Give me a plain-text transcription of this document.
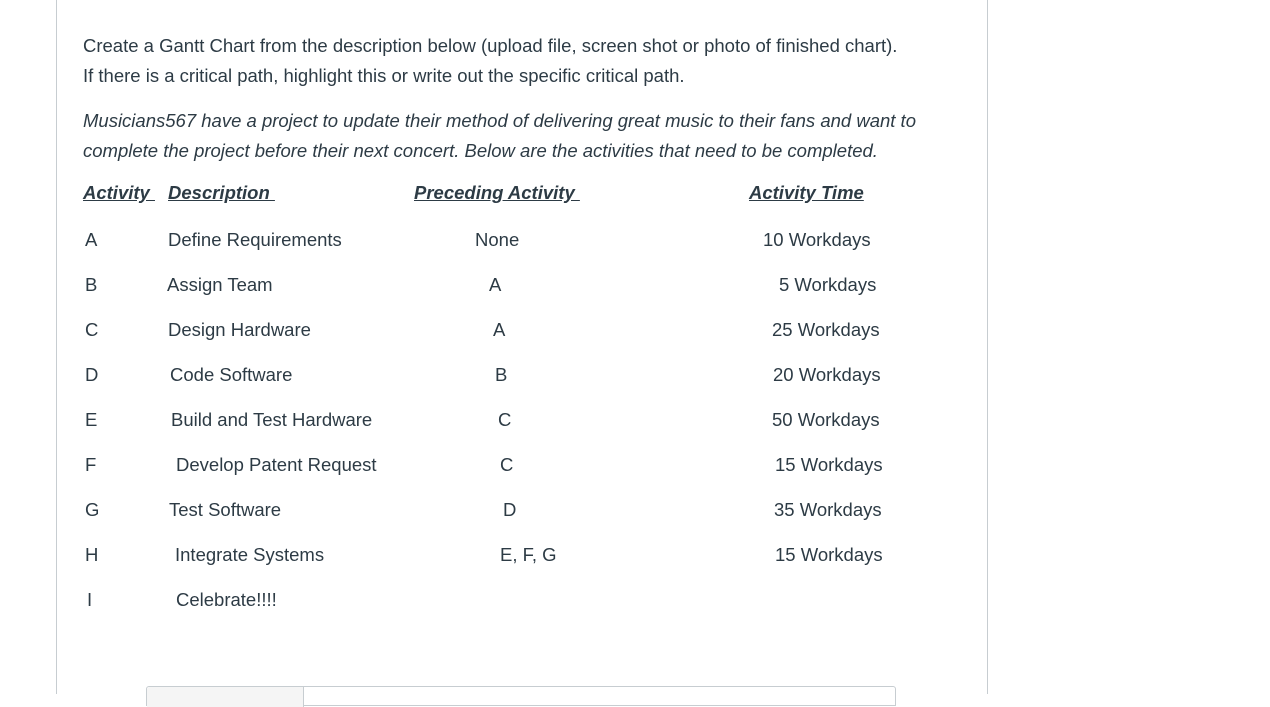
Create a Gantt Chart from the description below (upload file, screen shot or photo of finished chart).

If there is a critical path, highlight this or write out the specific critical path.

Musicians567 have a project to update their method of delivering great music to their fans and want to

complete the project before their next concert. Below are the activities that need to be completed.

Activity Description	Preceding Activity	Activity Time
A	Define Requirements	None	10 Workdays
B	Assign Team	A	5 Workdays
C	Design Hardware	A	25 Workdays
D	Code Software	B	20 Workdays
E	Build and Test Hardware	C	50 Workdays
F	Develop Patent Request	C	15 Workdays
G	Test Software	D	35 Workdays
H	Integrate Systems	E, F, G	15 Workdays
I	Celebrate!!!!
